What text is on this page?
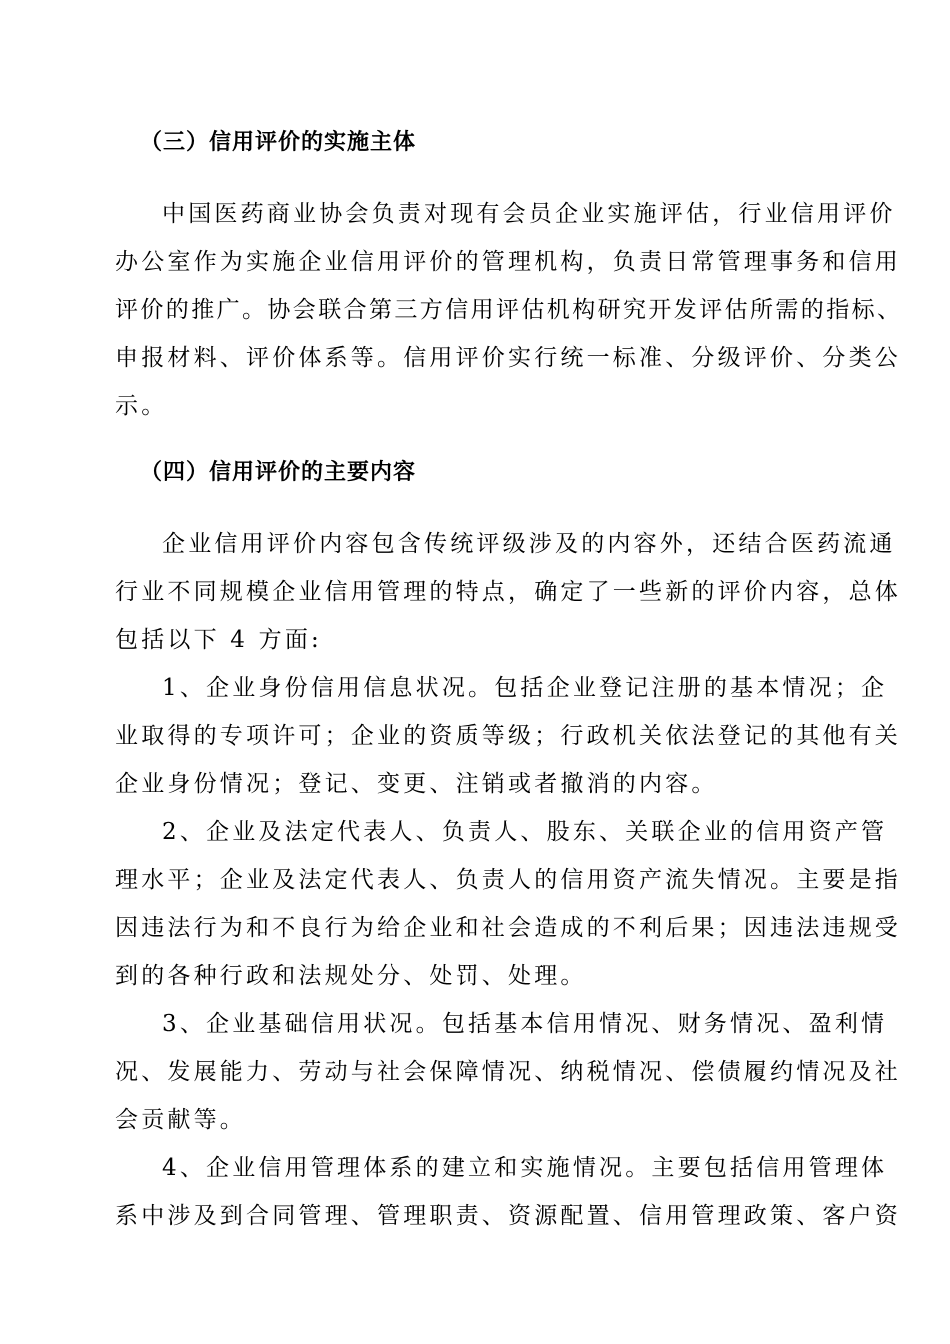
（三）信用评价的实施主体
中国医药商业协会负责对现有会员企业实施评估，行业信用评价
办公室作为实施企业信用评价的管理机构，负责日常管理事务和信用
评价的推广。协会联合第三方信用评估机构研究开发评估所需的指标、
申报材料、评价体系等。信用评价实行统一标准、分级评价、分类公
示。
（四）信用评价的主要内容
企业信用评价内容包含传统评级涉及的内容外，还结合医药流通
行业不同规模企业信用管理的特点，确定了一些新的评价内容，总体
包括以下 4 方面:
1、企业身份信用信息状况。包括企业登记注册的基本情况；企
业取得的专项许可；企业的资质等级；行政机关依法登记的其他有关
企业身份情况；登记、变更、注销或者撤消的内容。
2、企业及法定代表人、负责人、股东、关联企业的信用资产管
理水平；企业及法定代表人、负责人的信用资产流失情况。主要是指
因违法行为和不良行为给企业和社会造成的不利后果；因违法违规受
到的各种行政和法规处分、处罚、处理。
3、企业基础信用状况。包括基本信用情况、财务情况、盈利情
况、发展能力、劳动与社会保障情况、纳税情况、偿债履约情况及社
会贡献等。
4、企业信用管理体系的建立和实施情况。主要包括信用管理体
系中涉及到合同管理、管理职责、资源配置、信用管理政策、客户资
